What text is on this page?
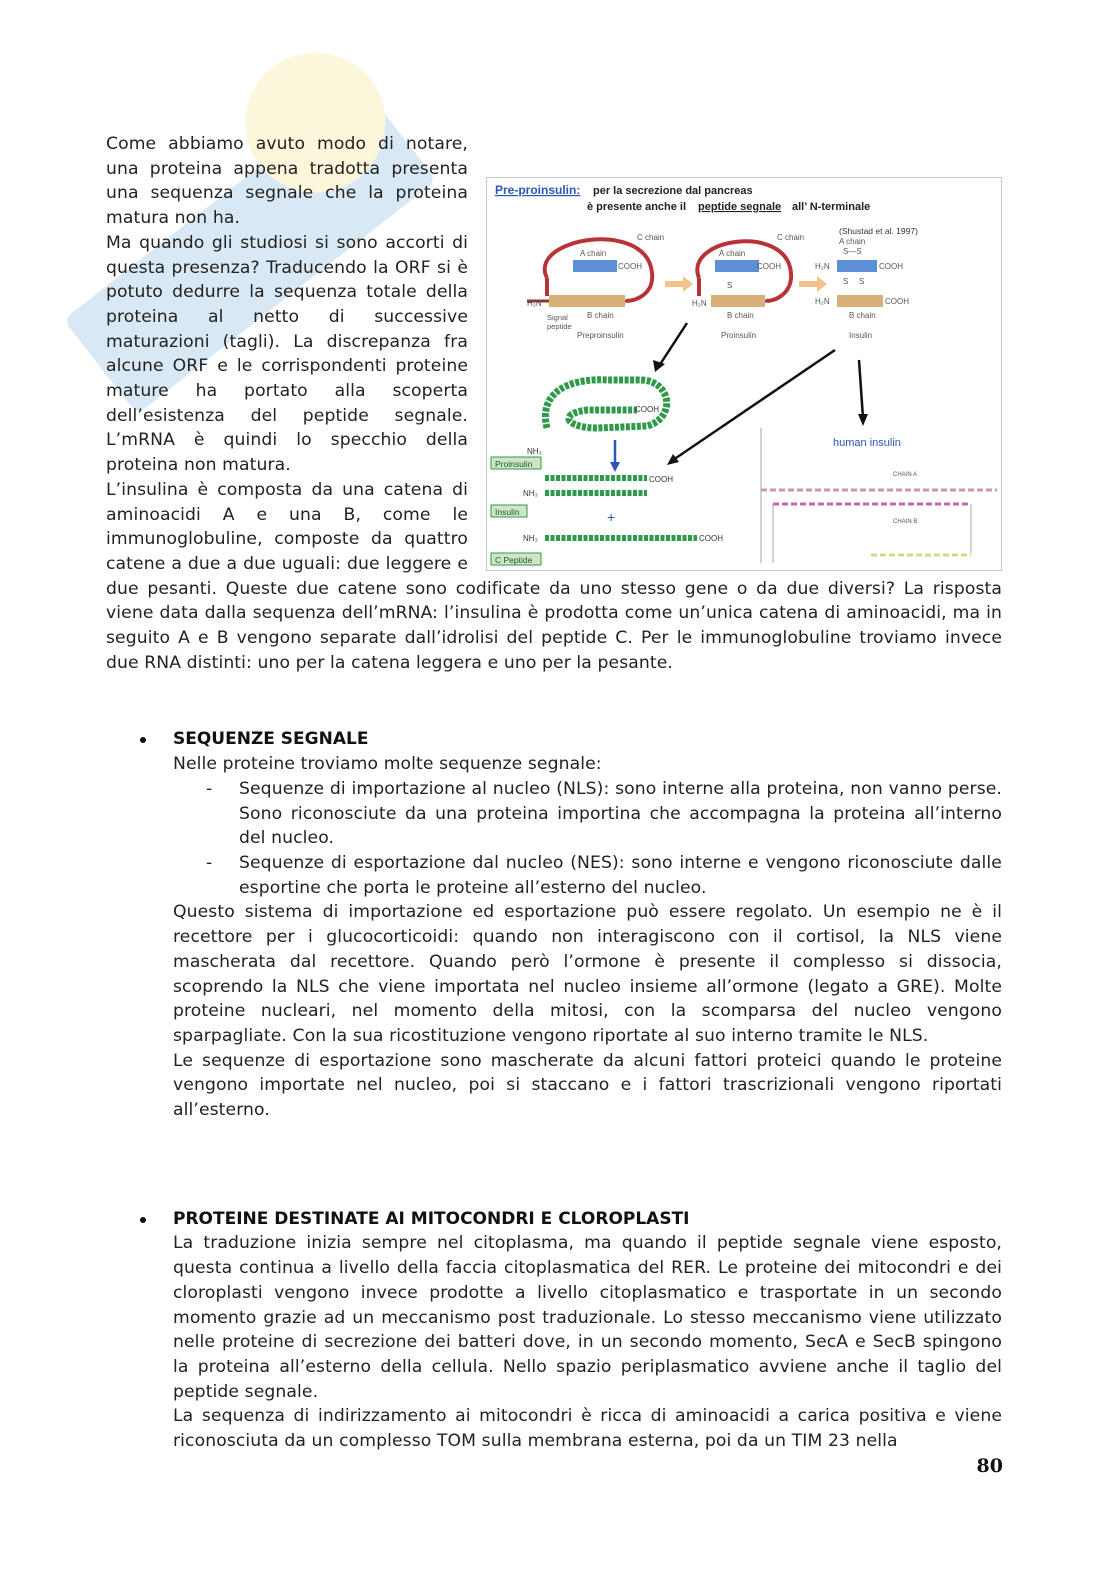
Pre-proinsulin: per la secrezione dal pancreas
è presente anche il peptide segnale all’ N-terminale
(Shustad et al. 1997)
C chain
A chain
COOH
H₂N
B chain
Signal
peptide
Preproinsulin
C chain
A chain
COOH
H₂N
S
B chain
Proinsulin
A chain
S—S
H₂N	COOH
H₂N	COOH
S S
B chain
Insulin
COOH
NH₃
Proinsulin
COOH
NH₃
Insulin	+
COOH
NH₃
C Peptide
human insulin
CHAIN A
CHAIN B

Come abbiamo avuto modo di notare, una proteina appena tradotta presenta una sequenza segnale che la proteina matura non ha.

Ma quando gli studiosi si sono accorti di questa presenza? Traducendo la ORF si è potuto dedurre la sequenza totale della proteina al netto di successive maturazioni (tagli). La discrepanza fra alcune ORF e le corrispondenti proteine mature ha portato alla scoperta dell’esistenza del peptide segnale. L’mRNA è quindi lo specchio della proteina non matura.

L’insulina è composta da una catena di aminoacidi A e una B, come le immunoglobuline, composte da quattro catene a due a due uguali: due leggere e due pesanti. Queste due catene sono codificate da uno stesso gene o da due diversi? La risposta viene data dalla sequenza dell’mRNA: l’insulina è prodotta come un’unica catena di aminoacidi, ma in seguito A e B vengono separate dall’idrolisi del peptide C. Per le immunoglobuline troviamo invece due RNA distinti: uno per la catena leggera e uno per la pesante.

SEQUENZE SEGNALE

Nelle proteine troviamo molte sequenze segnale:

- Sequenze di importazione al nucleo (NLS): sono interne alla proteina, non vanno perse. Sono riconosciute da una proteina importina che accompagna la proteina all’interno del nucleo.
- Sequenze di esportazione dal nucleo (NES): sono interne e vengono riconosciute dalle esportine che porta le proteine all’esterno del nucleo.

Questo sistema di importazione ed esportazione può essere regolato. Un esempio ne è il recettore per i glucocorticoidi: quando non interagiscono con il cortisol, la NLS viene mascherata dal recettore. Quando però l’ormone è presente il complesso si dissocia, scoprendo la NLS che viene importata nel nucleo insieme all’ormone (legato a GRE). Molte proteine nucleari, nel momento della mitosi, con la scomparsa del nucleo vengono sparpagliate. Con la sua ricostituzione vengono riportate al suo interno tramite le NLS.

Le sequenze di esportazione sono mascherate da alcuni fattori proteici quando le proteine vengono importate nel nucleo, poi si staccano e i fattori trascrizionali vengono riportati all’esterno.

PROTEINE DESTINATE AI MITOCONDRI E CLOROPLASTI

La traduzione inizia sempre nel citoplasma, ma quando il peptide segnale viene esposto, questa continua a livello della faccia citoplasmatica del RER. Le proteine dei mitocondri e dei cloroplasti vengono invece prodotte a livello citoplasmatico e trasportate in un secondo momento grazie ad un meccanismo post traduzionale. Lo stesso meccanismo viene utilizzato nelle proteine di secrezione dei batteri dove, in un secondo momento, SecA e SecB spingono la proteina all’esterno della cellula. Nello spazio periplasmatico avviene anche il taglio del peptide segnale.

La sequenza di indirizzamento ai mitocondri è ricca di aminoacidi a carica positiva e viene riconosciuta da un complesso TOM sulla membrana esterna, poi da un TIM 23 nella

80
